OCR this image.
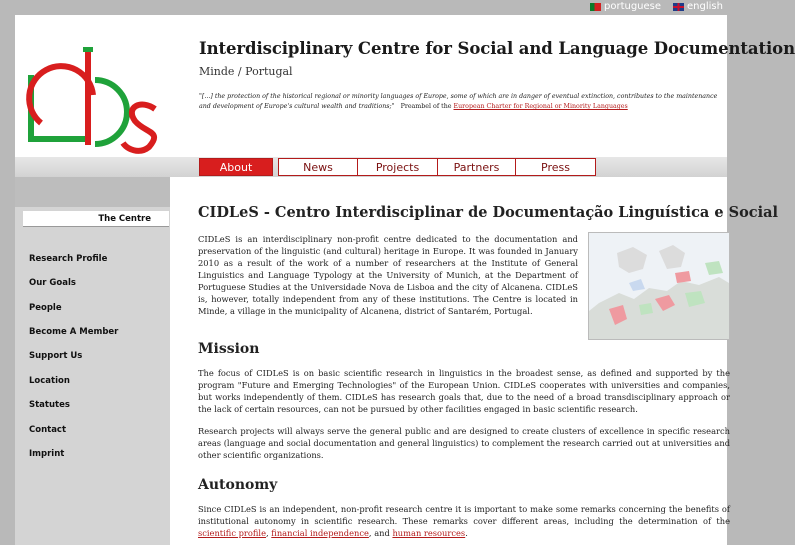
portuguese	english
Interdisciplinary Centre for Social and Language Documentation
Minde / Portugal
"[...] the protection of the historical regional or minority languages of Europe, some of which are in danger of eventual extinction, contributes to the maintenance and development of Europe's cultural wealth and traditions;" Preambel of the European Charter for Regional or Minority Languages
About	News	Projects	Partners	Press
The Centre
Research Profile
Our Goals
People
Become A Member
Support Us
Location
Statutes
Contact
Imprint
CIDLeS - Centro Interdisciplinar de Documentação Linguística e Social
CIDLeS is an interdisciplinary non-profit centre dedicated to the documentation and preservation of the linguistic (and cultural) heritage in Europe. It was founded in January 2010 as a result of the work of a number of researchers at the Institute of General Linguistics and Language Typology at the University of Munich, at the Department of Portuguese Studies at the Universidade Nova de Lisboa and the city of Alcanena. CIDLeS is, however, totally independent from any of these institutions. The Centre is located in Minde, a village in the municipality of Alcanena, district of Santarém, Portugal.
Mission
The focus of CIDLeS is on basic scientific research in linguistics in the broadest sense, as defined and supported by the program "Future and Emerging Technologies" of the European Union. CIDLeS cooperates with universities and companies, but works independently of them. CIDLeS has research goals that, due to the need of a broad transdisciplinary approach or the lack of certain resources, can not be pursued by other facilities engaged in basic scientific research.
Research projects will always serve the general public and are designed to create clusters of excellence in specific research areas (language and social documentation and general linguistics) to complement the research carried out at universities and other scientific organizations.
Autonomy
Since CIDLeS is an independent, non-profit research centre it is important to make some remarks concerning the benefits of institutional autonomy in scientific research. These remarks cover different areas, including the determination of the scientific profile, financial independence, and human resources.
